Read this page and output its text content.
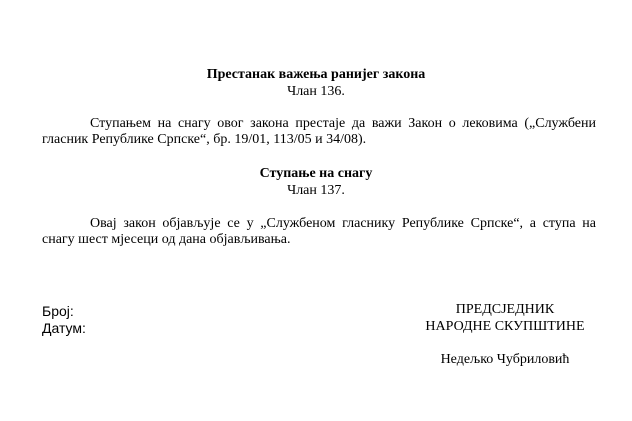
Престанак важења ранијег закона
Члан 136.
Ступањем на снагу овог закона престаје да важи Закон о лековима („Службени гласник Републике Српске“, бр. 19/01, 113/05 и 34/08).
Ступање на снагу
Члан 137.
Овај закон објављује се у „Службеном гласнику Републике Српске“, а ступа на снагу шест мјесеци од дана објављивања.
Број:
Датум:
ПРЕДСЈЕДНИК
НАРОДНЕ СКУПШТИНЕ
Недељко Чубриловић
